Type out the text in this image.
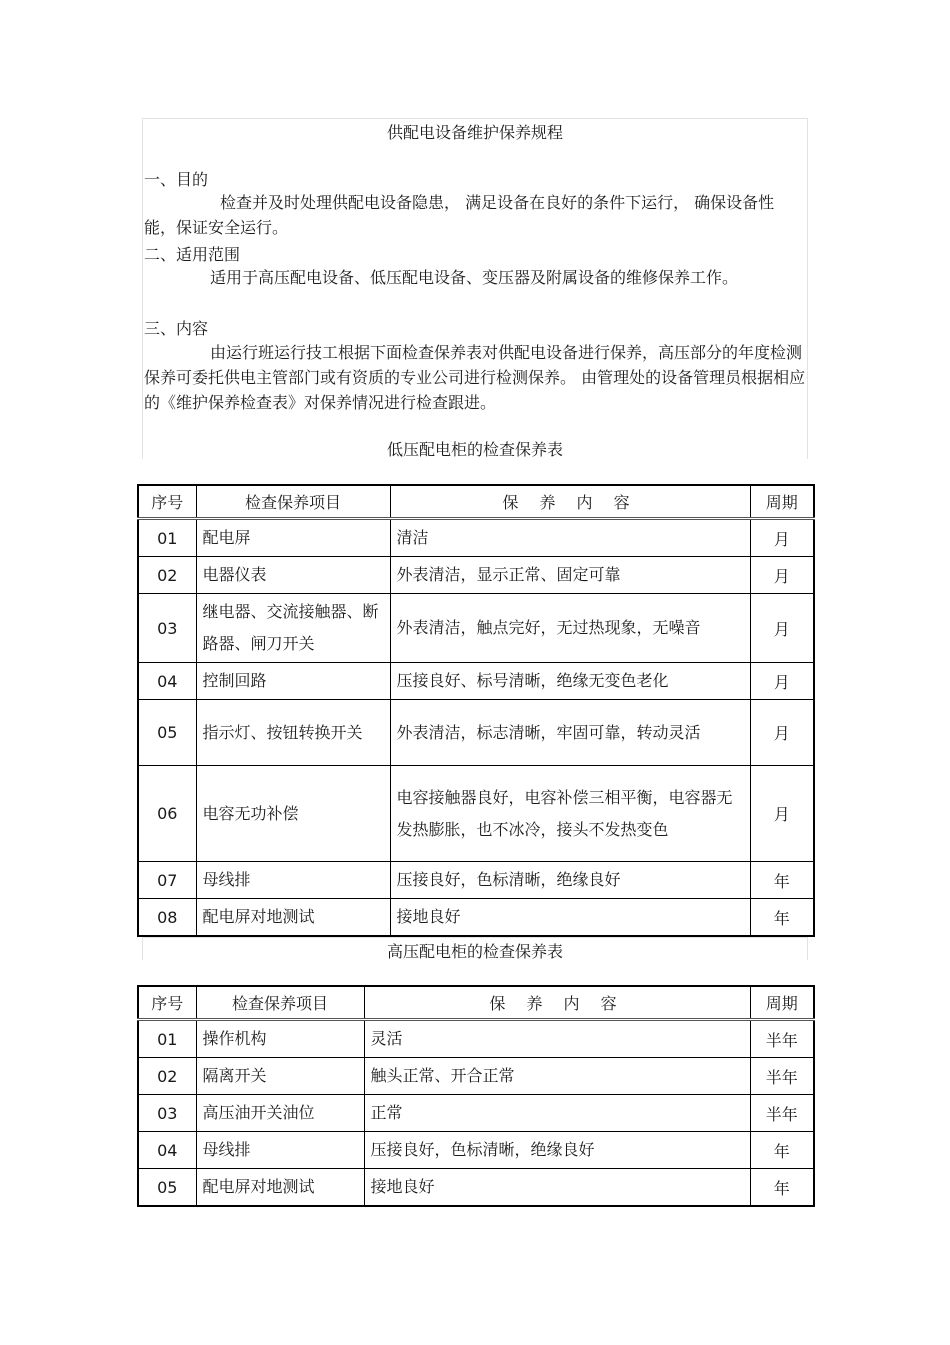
供配电设备维护保养规程
一、目的

检查并及时处理供配电设备隐患， 满足设备在良好的条件下运行， 确保设备性能，保证安全运行。

二、适用范围

适用于高压配电设备、低压配电设备、变压器及附属设备的维修保养工作。

三、内容

由运行班运行技工根据下面检查保养表对供配电设备进行保养，高压部分的年度检测保养可委托供电主管部门或有资质的专业公司进行检测保养。 由管理处的设备管理员根据相应的《维护保养检查表》对保养情况进行检查跟进。

低压配电柜的检查保养表
序号	检查保养项目	保 养 内 容	周期
01	配电屏	清洁	月
02	电器仪表	外表清洁，显示正常、固定可靠	月
03	继电器、交流接触器、断路器、闸刀开关	外表清洁，触点完好，无过热现象，无噪音	月
04	控制回路	压接良好、标号清晰，绝缘无变色老化	月
05	指示灯、按钮转换开关	外表清洁，标志清晰，牢固可靠，转动灵活	月
06	电容无功补偿	电容接触器良好，电容补偿三相平衡，电容器无发热膨胀，也不冰冷，接头不发热变色	月
07	母线排	压接良好，色标清晰，绝缘良好	年
08	配电屏对地测试	接地良好	年
高压配电柜的检查保养表
序号	检查保养项目	保 养 内 容	周期
01	操作机构	灵活	半年
02	隔离开关	触头正常、开合正常	半年
03	高压油开关油位	正常	半年
04	母线排	压接良好，色标清晰，绝缘良好	年
05	配电屏对地测试	接地良好	年
